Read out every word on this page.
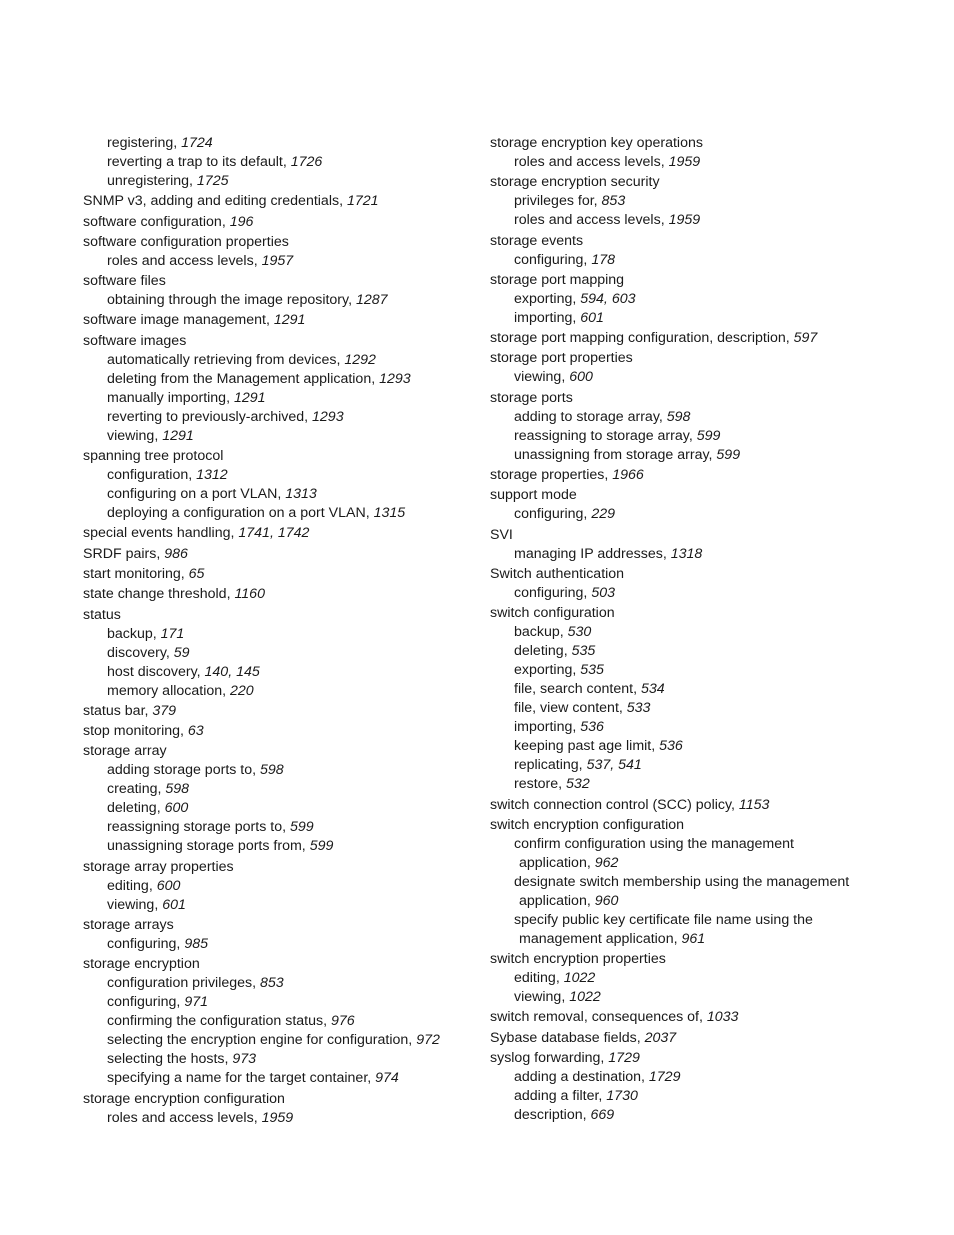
registering, 1724
reverting a trap to its default, 1726
unregistering, 1725
SNMP v3, adding and editing credentials, 1721
software configuration, 196
software configuration properties
roles and access levels, 1957
software files
obtaining through the image repository, 1287
software image management, 1291
software images
automatically retrieving from devices, 1292
deleting from the Management application, 1293
manually importing, 1291
reverting to previously-archived, 1293
viewing, 1291
spanning tree protocol
configuration, 1312
configuring on a port VLAN, 1313
deploying a configuration on a port VLAN, 1315
special events handling, 1741, 1742
SRDF pairs, 986
start monitoring, 65
state change threshold, 1160
status
backup, 171
discovery, 59
host discovery, 140, 145
memory allocation, 220
status bar, 379
stop monitoring, 63
storage array
adding storage ports to, 598
creating, 598
deleting, 600
reassigning storage ports to, 599
unassigning storage ports from, 599
storage array properties
editing, 600
viewing, 601
storage arrays
configuring, 985
storage encryption
configuration privileges, 853
configuring, 971
confirming the configuration status, 976
selecting the encryption engine for configuration, 972
selecting the hosts, 973
specifying a name for the target container, 974
storage encryption configuration
roles and access levels, 1959
storage encryption key operations
roles and access levels, 1959
storage encryption security
privileges for, 853
roles and access levels, 1959
storage events
configuring, 178
storage port mapping
exporting, 594, 603
importing, 601
storage port mapping configuration, description, 597
storage port properties
viewing, 600
storage ports
adding to storage array, 598
reassigning to storage array, 599
unassigning from storage array, 599
storage properties, 1966
support mode
configuring, 229
SVI
managing IP addresses, 1318
Switch authentication
configuring, 503
switch configuration
backup, 530
deleting, 535
exporting, 535
file, search content, 534
file, view content, 533
importing, 536
keeping past age limit, 536
replicating, 537, 541
restore, 532
switch connection control (SCC) policy, 1153
switch encryption configuration
confirm configuration using the management
application, 962
designate switch membership using the management
application, 960
specify public key certificate file name using the
management application, 961
switch encryption properties
editing, 1022
viewing, 1022
switch removal, consequences of, 1033
Sybase database fields, 2037
syslog forwarding, 1729
adding a destination, 1729
adding a filter, 1730
description, 669
